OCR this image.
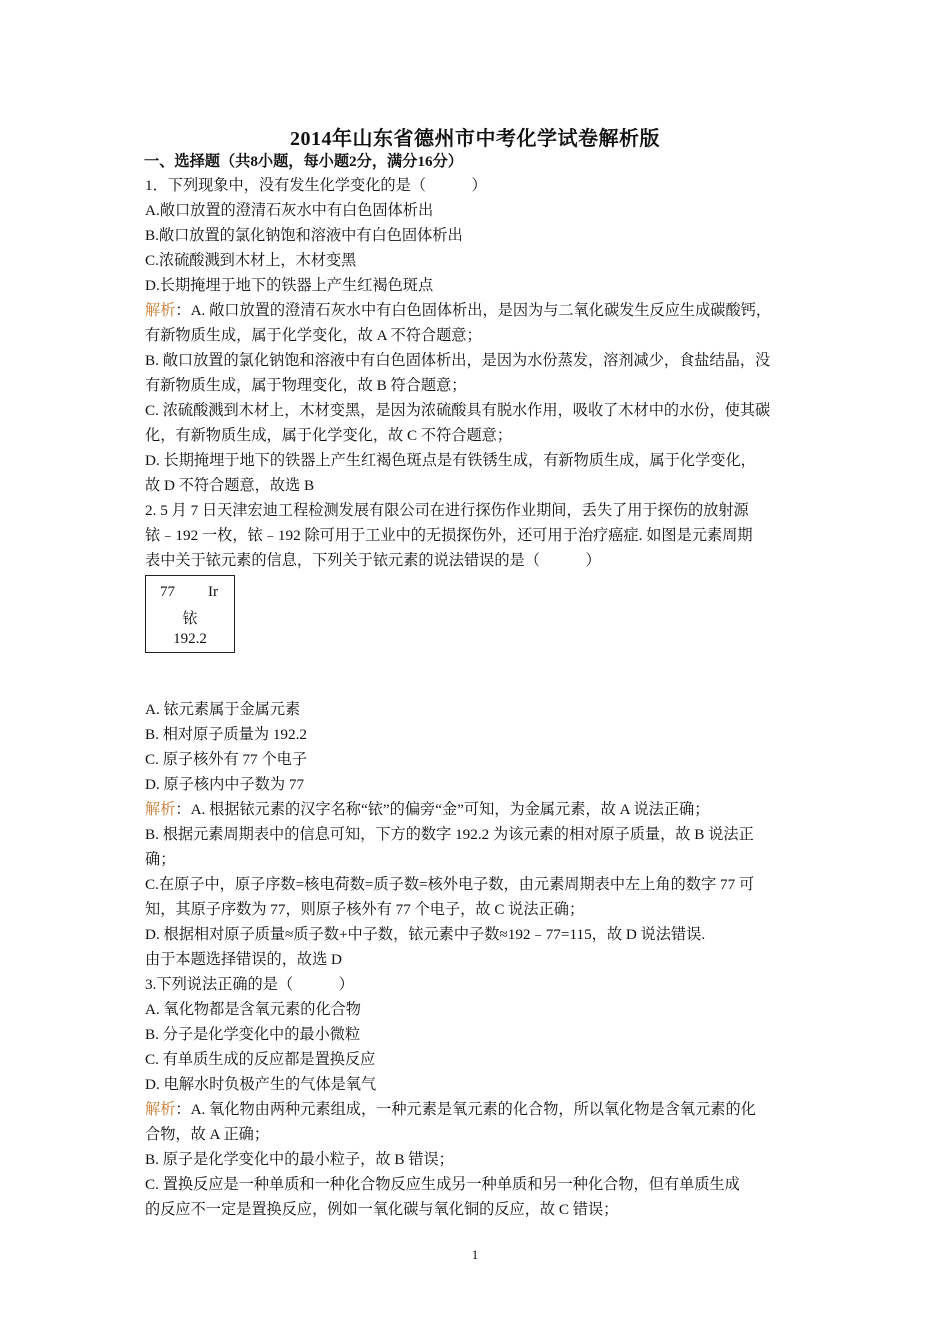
2014年山东省德州市中考化学试卷解析版
一、选择题（共8小题，每小题2分，满分16分）
1．下列现象中，没有发生化学变化的是（　　　）
A.敞口放置的澄清石灰水中有白色固体析出
B.敞口放置的氯化钠饱和溶液中有白色固体析出
C.浓硫酸溅到木材上，木材变黑
D.长期掩埋于地下的铁器上产生红褐色斑点
解析：A. 敞口放置的澄清石灰水中有白色固体析出，是因为与二氧化碳发生反应生成碳酸钙，
有新物质生成，属于化学变化，故 A 不符合题意；
B. 敞口放置的氯化钠饱和溶液中有白色固体析出，是因为水份蒸发，溶剂减少，食盐结晶，没
有新物质生成，属于物理变化，故 B 符合题意；
C. 浓硫酸溅到木材上，木材变黑，是因为浓硫酸具有脱水作用，吸收了木材中的水份，使其碳
化，有新物质生成，属于化学变化，故 C 不符合题意；
D. 长期掩埋于地下的铁器上产生红褐色斑点是有铁锈生成，有新物质生成，属于化学变化，
故 D 不符合题意，故选 B
2. 5 月 7 日天津宏迪工程检测发展有限公司在进行探伤作业期间，丢失了用于探伤的放射源
铱﹣192 一枚，铱﹣192 除可用于工业中的无损探伤外，还可用于治疗癌症. 如图是元素周期
表中关于铱元素的信息，下列关于铱元素的说法错误的是（　　　）
77 Ir
铱
192.2
A. 铱元素属于金属元素
B. 相对原子质量为 192.2
C. 原子核外有 77 个电子
D. 原子核内中子数为 77
解析：A. 根据铱元素的汉字名称“铱”的偏旁“金”可知，为金属元素，故 A 说法正确；
B. 根据元素周期表中的信息可知，下方的数字 192.2 为该元素的相对原子质量，故 B 说法正
确；
C.在原子中，原子序数=核电荷数=质子数=核外电子数，由元素周期表中左上角的数字 77 可
知，其原子序数为 77，则原子核外有 77 个电子，故 C 说法正确；
D. 根据相对原子质量≈质子数+中子数，铱元素中子数≈192﹣77=115，故 D 说法错误.
由于本题选择错误的，故选 D
3.下列说法正确的是（　　　）
A. 氧化物都是含氧元素的化合物
B. 分子是化学变化中的最小微粒
C. 有单质生成的反应都是置换反应
D. 电解水时负极产生的气体是氧气
解析：A. 氧化物由两种元素组成，一种元素是氧元素的化合物，所以氧化物是含氧元素的化
合物，故 A 正确；
B. 原子是化学变化中的最小粒子，故 B 错误；
C. 置换反应是一种单质和一种化合物反应生成另一种单质和另一种化合物，但有单质生成
的反应不一定是置换反应，例如一氧化碳与氧化铜的反应，故 C 错误；
1
